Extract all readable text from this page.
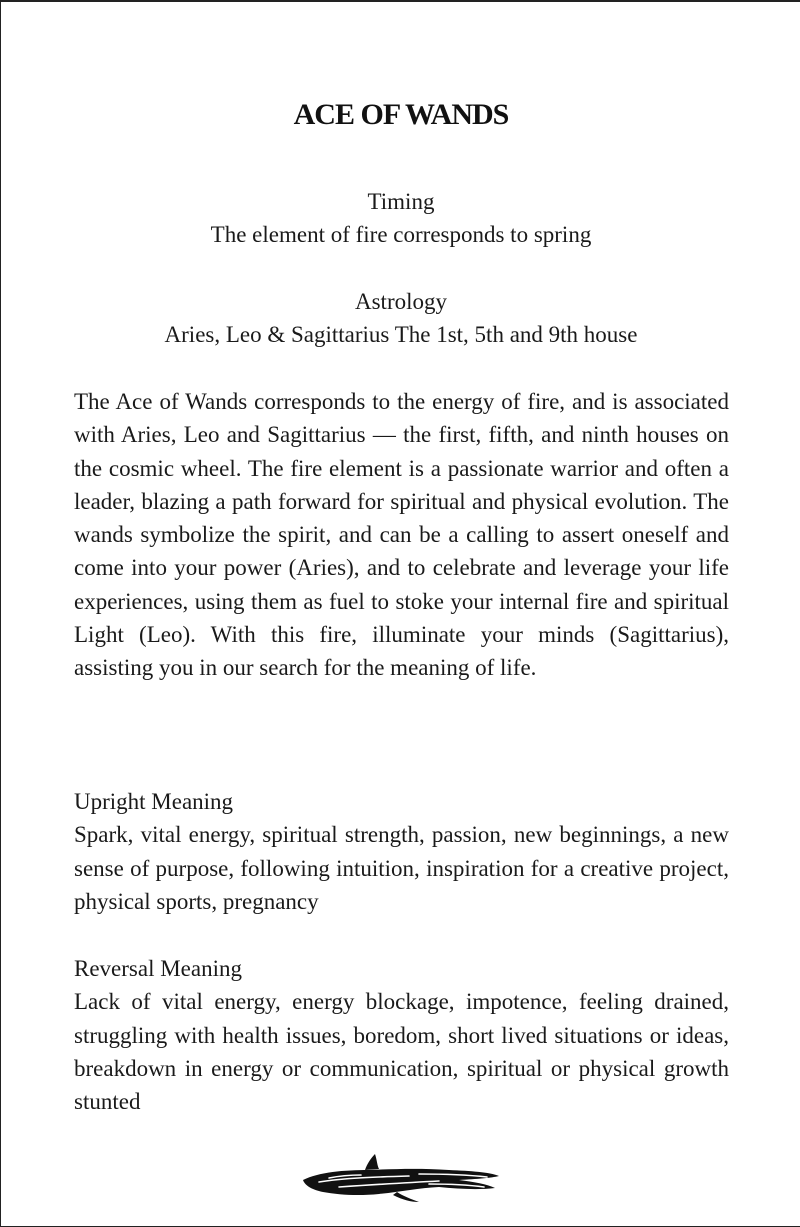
ACE OF WANDS
Timing
The element of fire corresponds to spring
Astrology
Aries, Leo & Sagittarius The 1st, 5th and 9th house
The Ace of Wands corresponds to the energy of fire, and is associated with Aries, Leo and Sagittarius — the first, fifth, and ninth houses on the cosmic wheel. The fire element is a passionate warrior and often a leader, blazing a path forward for spiritual and physical evolution. The wands symbolize the spirit, and can be a calling to assert oneself and come into your power (Aries), and to celebrate and leverage your life experiences, using them as fuel to stoke your internal fire and spiritual Light (Leo). With this fire, illuminate your minds (Sagittarius), assisting you in our search for the meaning of life.
Upright Meaning
Spark, vital energy, spiritual strength, passion, new beginnings, a new sense of purpose, following intuition, inspiration for a creative project, physical sports, pregnancy
Reversal Meaning
Lack of vital energy, energy blockage, impotence, feeling drained, struggling with health issues, boredom, short lived situations or ideas, breakdown in energy or communication, spiritual or physical growth stunted
